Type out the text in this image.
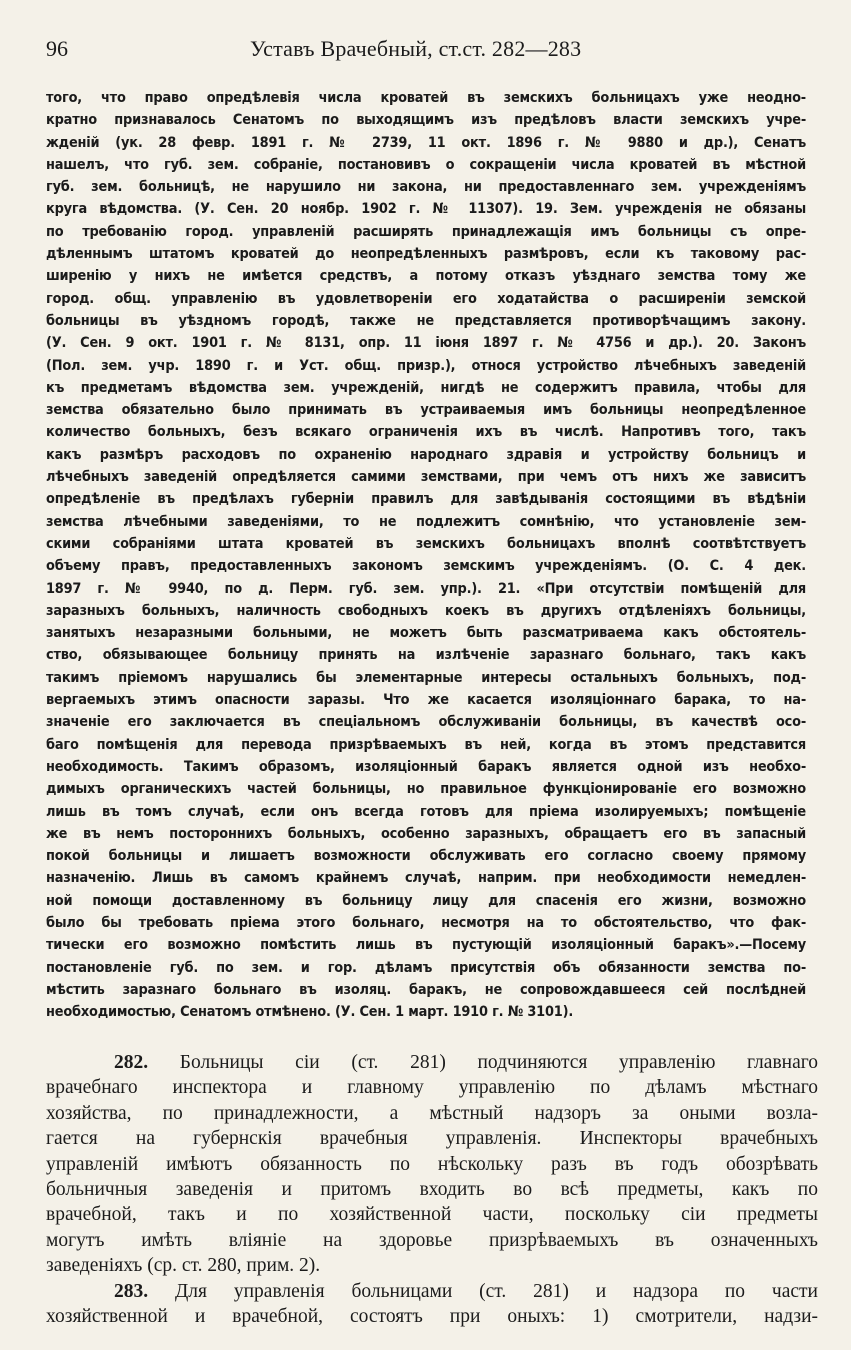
96	Уставъ Врачебный, ст.ст. 282—283
того, что право опредѣлевія числа кроватей въ земскихъ больницахъ уже неодно-
кратно признавалось Сенатомъ по выходящимъ изъ предѣловъ власти земскихъ учре-
жденій (ук. 28 февр. 1891 г. № 2739, 11 окт. 1896 г. № 9880 и др.), Сенатъ
нашелъ, что губ. зем. собраніе, постановивъ о сокращеніи числа кроватей въ мѣстной
губ. зем. больницѣ, не нарушило ни закона, ни предоставленнаго зем. учрежденіямъ
круга вѣдомства. (У. Сен. 20 ноябр. 1902 г. № 11307). 19. Зем. учрежденія не обязаны
по требованію город. управленій расширять принадлежащія имъ больницы съ опре-
дѣленнымъ штатомъ кроватей до неопредѣленныхъ размѣровъ, если къ таковому рас-
ширенію у нихъ не имѣется средствъ, а потому отказъ уѣзднаго земства тому же
город. общ. управленію въ удовлетвореніи его ходатайства о расширеніи земской
больницы въ уѣздномъ городѣ, также не представляется противорѣчащимъ закону.
(У. Сен. 9 окт. 1901 г. № 8131, опр. 11 іюня 1897 г. № 4756 и др.). 20. Законъ
(Пол. зем. учр. 1890 г. и Уст. общ. призр.), относя устройство лѣчебныхъ заведеній
къ предметамъ вѣдомства зем. учрежденій, нигдѣ не содержитъ правила, чтобы для
земства обязательно было принимать въ устраиваемыя имъ больницы неопредѣленное
количество больныхъ, безъ всякаго ограниченія ихъ въ числѣ. Напротивъ того, такъ
какъ размѣръ расходовъ по охраненію народнаго здравія и устройству больницъ и
лѣчебныхъ заведеній опредѣляется самими земствами, при чемъ отъ нихъ же зависитъ
опредѣленіе въ предѣлахъ губерніи правилъ для завѣдыванія состоящими въ вѣдѣніи
земства лѣчебными заведеніями, то не подлежитъ сомнѣнію, что установленіе зем-
скими собраніями штата кроватей въ земскихъ больницахъ вполнѣ соотвѣтствуетъ
объему правъ, предоставленныхъ закономъ земскимъ учрежденіямъ. (О. С. 4 дек.
1897 г. № 9940, по д. Перм. губ. зем. упр.). 21. «При отсутствіи помѣщеній для
заразныхъ больныхъ, наличность свободныхъ коекъ въ другихъ отдѣленіяхъ больницы,
занятыхъ незаразными больными, не можетъ быть разсматриваема какъ обстоятель-
ство, обязывающее больницу принять на излѣченіе заразнаго больнаго, такъ какъ
такимъ пріемомъ нарушались бы элементарные интересы остальныхъ больныхъ, под-
вергаемыхъ этимъ опасности заразы. Что же касается изоляціоннаго барака, то на-
значеніе его заключается въ спеціальномъ обслуживаніи больницы, въ качествѣ осо-
баго помѣщенія для перевода призрѣваемыхъ въ ней, когда въ этомъ представится
необходимость. Такимъ образомъ, изоляціонный баракъ является одной изъ необхо-
димыхъ органическихъ частей больницы, но правильное функціонированіе его возможно
лишь въ томъ случаѣ, если онъ всегда готовъ для пріема изолируемыхъ; помѣщеніе
же въ немъ постороннихъ больныхъ, особенно заразныхъ, обращаетъ его въ запасный
покой больницы и лишаетъ возможности обслуживать его согласно своему прямому
назначенію. Лишь въ самомъ крайнемъ случаѣ, наприм. при необходимости немедлен-
ной помощи доставленному въ больницу лицу для спасенія его жизни, возможно
было бы требовать пріема этого больнаго, несмотря на то обстоятельство, что фак-
тически его возможно помѣстить лишь въ пустующій изоляціонный баракъ».—Посему
постановленіе губ. по зем. и гор. дѣламъ присутствія объ обязанности земства по-
мѣстить заразнаго больнаго въ изоляц. баракъ, не сопровождавшееся сей послѣдней
необходимостью, Сенатомъ отмѣнено. (У. Сен. 1 март. 1910 г. № 3101).
282. Больницы сіи (ст. 281) подчиняются управленію главнаго
врачебнаго инспектора и главному управленію по дѣламъ мѣстнаго
хозяйства, по принадлежности, а мѣстный надзоръ за оными возла-
гается на губернскія врачебныя управленія. Инспекторы врачебныхъ
управленій имѣютъ обязанность по нѣскольку разъ въ годъ обозрѣвать
больничныя заведенія и притомъ входить во всѣ предметы, какъ по
врачебной, такъ и по хозяйственной части, поскольку сіи предметы
могутъ имѣть вліяніе на здоровье призрѣваемыхъ въ означенныхъ
заведеніяхъ (ср. ст. 280, прим. 2).
283. Для управленія больницами (ст. 281) и надзора по части
хозяйственной и врачебной, состоятъ при оныхъ: 1) смотрители, надзи-
